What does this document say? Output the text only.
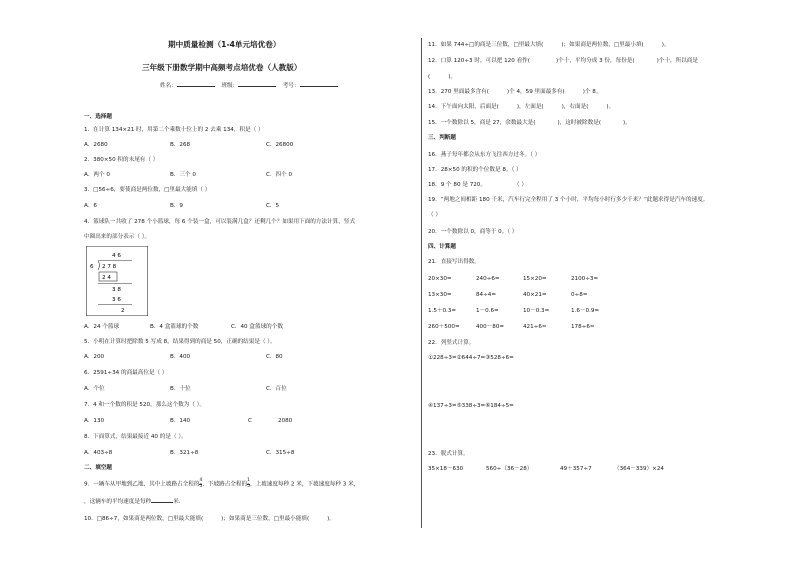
期中质量检测（1-4单元培优卷）
三年级下册数学期中高频考点培优卷（人教版）
姓名：	班级：	考号：
一、选择题
1．在计算 134×21 时，用第二个乘数十位上的 2 去乘 134，积是（ ）
A．2680	B．268	C．26800
2．380×50 积的末尾有（ ）
A．两个 0	B．三个 0	C．四个 0
3．□56÷6，要使商是两位数，□里最大能填（ ）
A．6	B．9	C．5
4．篮球队一共收了 278 个小篮球，每 6 个装一盒，可以装满几盒？还剩几个？如果用下面的方法计算，竖式
中圈出来的部分表示（ ）。
4 6
6 2 7 8
2 4
3 8
3 6
2
A．24 个篮球	B．4 盒篮球的个数	C．40 盒篮球的个数
5．小明在计算时把除数 5 写成 8，结果得到的商是 50，正确的结果是（ ）。
A．200	B．400	C．80
6．2591÷34 的商最高位是（ ）
A．个位	B．十位	C．百位
7．4 和一个数的积是 520，那么这个数为（ ）。
A．130	B．140	C	2080
8．下面算式，结果最接近 40 的是（ ）。
A．403÷8	B．321÷8	C．315÷8
二、填空题
9．一辆车从甲地到乙地，其中上坡路占全程的 $\frac{4}{5}$ ，下坡路占全程的 $\frac{1}{5}$ ，上坡速度每秒 2 米，下坡速度每秒 3 米，
，这辆车的平均速度是每秒	米．
10．□86÷7，如果商是两位数，□里最大能填(	)；如果商是三位数，□里最小能填(	)。
11．如果 744÷□的商是三位数，□里最大填(	)；如果商是两位数，□里最小填(	)。
12．口算 120÷3 时，可以把 120 看作(	)个十，平均分成 3 份，每份是(	)个十，所以商是
(	)。
13．270 里面最多含有(	)个 4，59 里面最多有(	)个 8。
14．下午面向太阳，后面是(	)，左面是(	)，右面是(	)。
15．一个数除以 5，商是 27，余数最大是(	)，这时被除数是(	)。
三、判断题
16．燕子每年都会从东方飞往西方过冬。（ ）
17．28×50 的积的个位数是 8。（ ）
18．9 个 80 是 720。	（ ）
19．“两地之间相距 180 千米，汽车行完全程用了 3 个小时，平均每小时行多少千米？”此题求得是汽车的速度。
（ ）
20．一个数除以 0，商等于 0。（ ）
四、计算题
21．直接写出得数。
20×30=	240÷6=	15×20=	2100÷3=
13×30=	84÷4=	40×21=	0÷8=
1.5＋0.3=	1－0.6=	10－0.3=	1.6－0.9=
260＋500=	400－80=	421÷6≈	178÷6≈
22．列竖式计算。
①228÷3=②644÷7=③528÷6=
④137÷3=⑤338÷3=⑥184÷5=
23．脱式计算。
35×18－630	560÷（36－28）	49＋357÷7	（364－339）×24
